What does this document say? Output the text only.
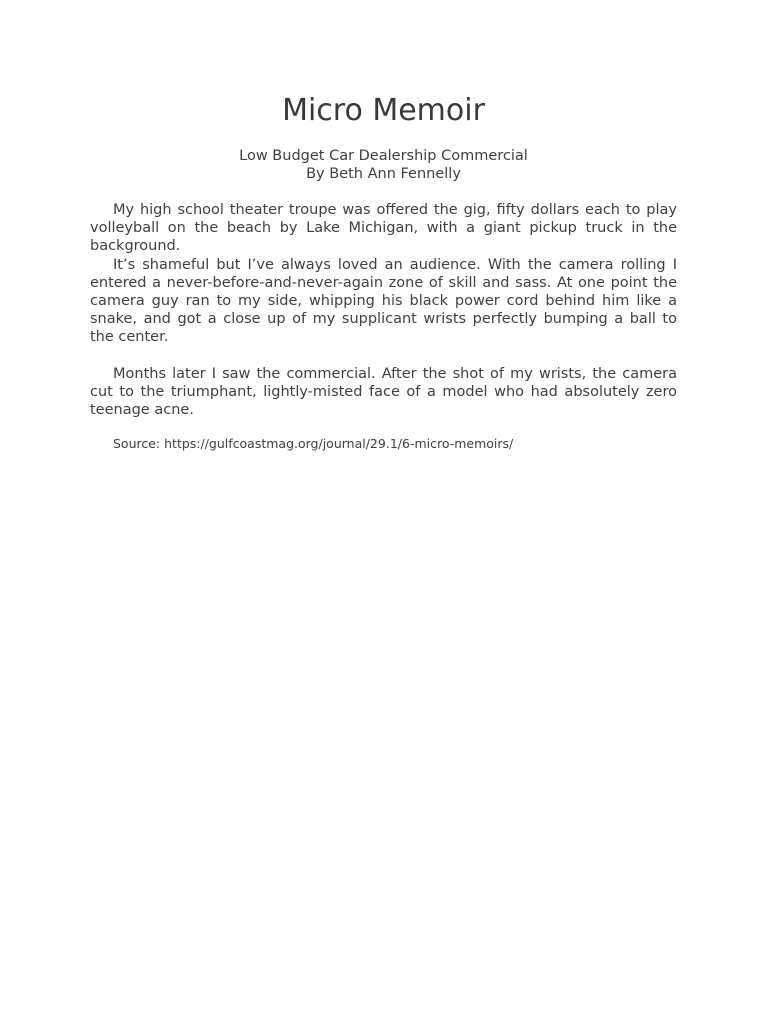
Micro Memoir
Low Budget Car Dealership Commercial
By Beth Ann Fennelly

My high school theater troupe was offered the gig, fifty dollars each to play volleyball on the beach by Lake Michigan, with a giant pickup truck in the background.

It’s shameful but I’ve always loved an audience. With the camera rolling I entered a never-before-and-never-again zone of skill and sass. At one point the camera guy ran to my side, whipping his black power cord behind him like a snake, and got a close up of my supplicant wrists perfectly bumping a ball to the center.

Months later I saw the commercial. After the shot of my wrists, the camera cut to the triumphant, lightly-misted face of a model who had absolutely zero teenage acne.

Source: https://gulfcoastmag.org/journal/29.1/6-micro-memoirs/
